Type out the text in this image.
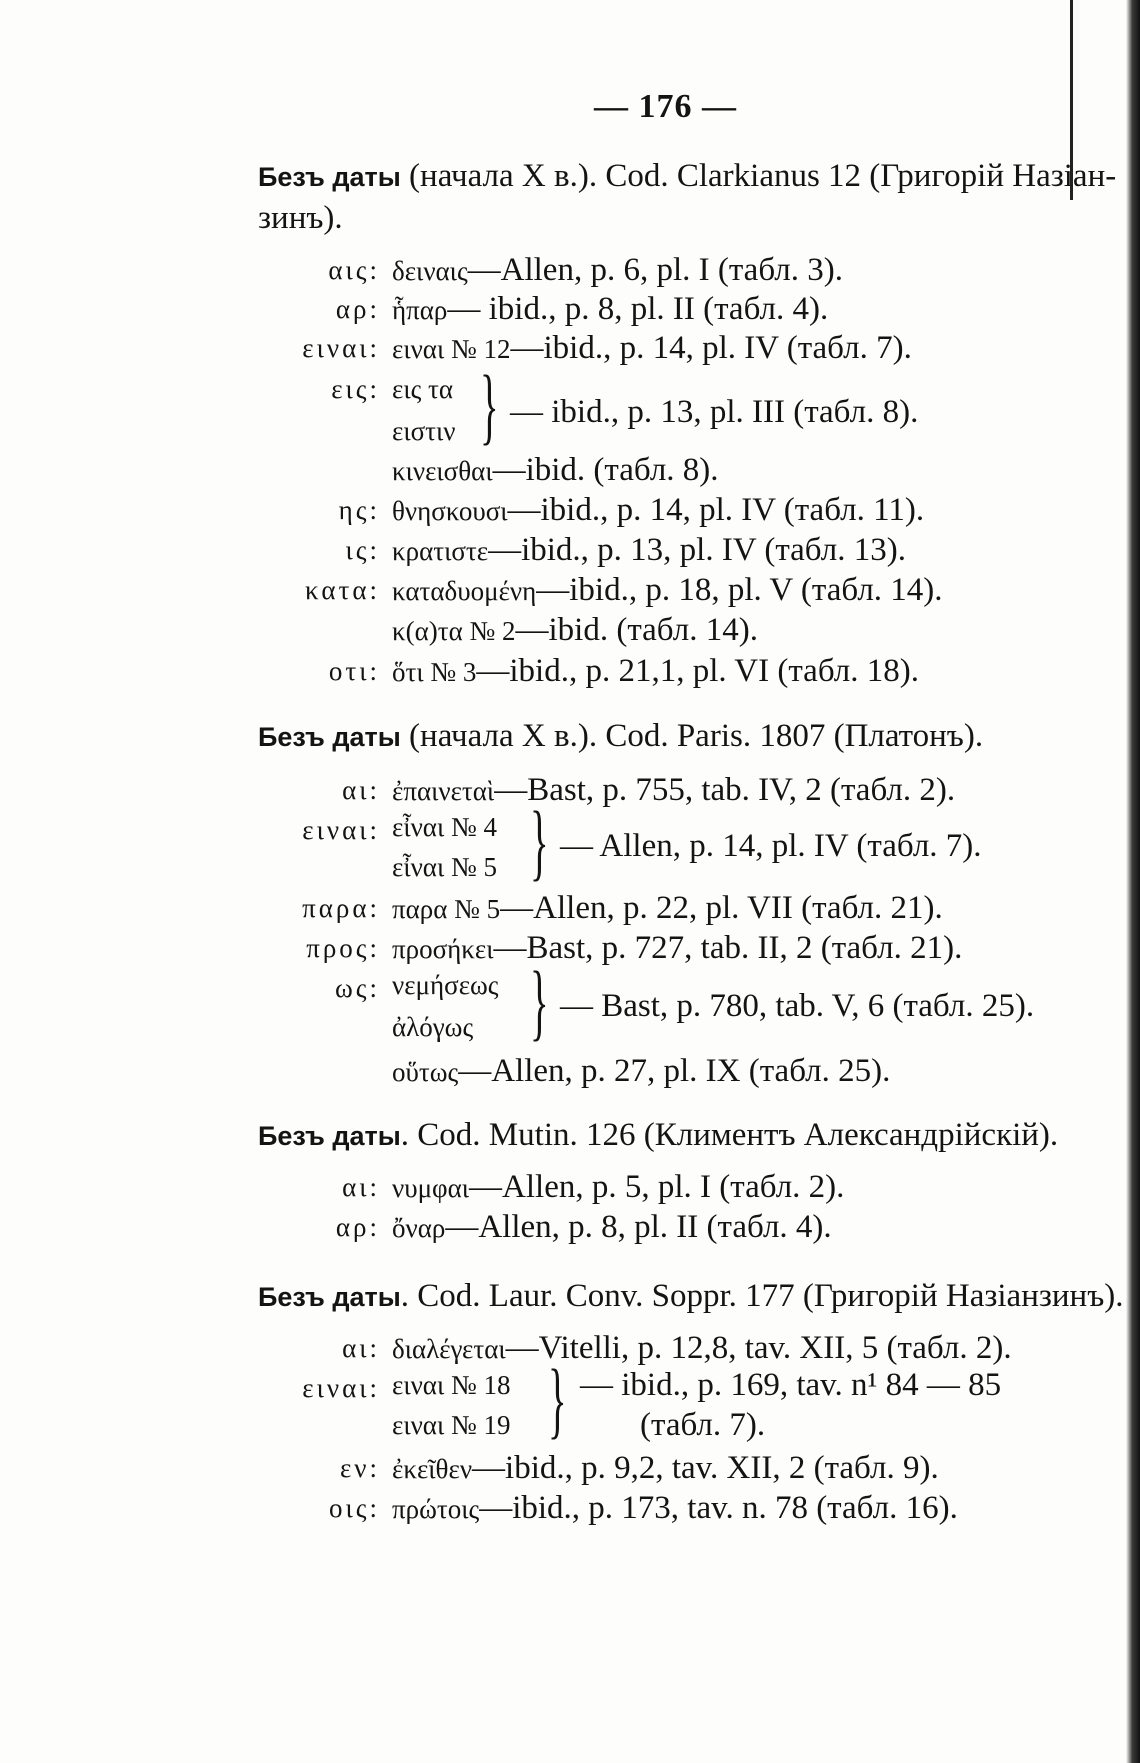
— 176 —
Безъ даты (начала X в.). Cod. Clarkianus 12 (Григорій Назіан-
зинъ).
αις: δειναις—Allen, p. 6, pl. I (табл. 3).
αρ: ἧπαρ— ibid., p. 8, pl. II (табл. 4).
ειναι: ειναι № 12—ibid., p. 14, pl. IV (табл. 7).
εις: εις τα
ειστιν } — ibid., p. 13, pl. III (табл. 8).
κινεισθαι—ibid. (табл. 8).
ης: θνησκουσι—ibid., p. 14, pl. IV (табл. 11).
ις: κρατιστε—ibid., p. 13, pl. IV (табл. 13).
κατα: καταδυομένη—ibid., p. 18, pl. V (табл. 14).
κ(α)τα № 2—ibid. (табл. 14).
οτι: ὅτι № 3—ibid., p. 21,1, pl. VI (табл. 18).
Безъ даты (начала X в.). Cod. Paris. 1807 (Платонъ).
αι: ἐπαινεταὶ—Bast, p. 755, tab. IV, 2 (табл. 2).
ειναι: εἶναι № 4
εἶναι № 5 } — Allen, p. 14, pl. IV (табл. 7).
παρα: παρα № 5—Allen, p. 22, pl. VII (табл. 21).
προς: προσήκει—Bast, p. 727, tab. II, 2 (табл. 21).
ως: νεμήσεως
ἀλόγως } — Bast, p. 780, tab. V, 6 (табл. 25).
οὕτως—Allen, p. 27, pl. IX (табл. 25).
Безъ даты. Cod. Mutin. 126 (Климентъ Александрійскій).
αι: νυμφαι—Allen, p. 5, pl. I (табл. 2).
αρ: ὄναρ—Allen, p. 8, pl. II (табл. 4).
Безъ даты. Cod. Laur. Conv. Soppr. 177 (Григорій Назіанзинъ).
αι: διαλέγεται—Vitelli, p. 12,8, tav. XII, 5 (табл. 2).
ειναι: ειναι № 18
ειναι № 19 } — ibid., p. 169, tav. n¹ 84 — 85
(табл. 7).
εν: ἐκεῖθεν—ibid., p. 9,2, tav. XII, 2 (табл. 9).
οις: πρώτοις—ibid., p. 173, tav. n. 78 (табл. 16).
